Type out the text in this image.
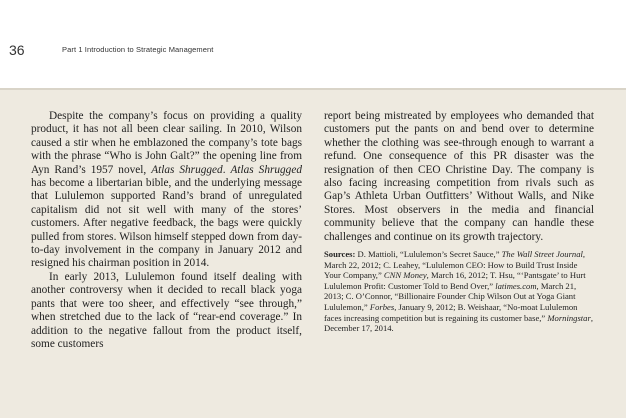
36	Part 1 Introduction to Strategic Management

Despite the company’s focus on providing a quality product, it has not all been clear sailing. In 2010, Wilson caused a stir when he emblazoned the company’s tote bags with the phrase “Who is John Galt?” the opening line from Ayn Rand’s 1957 novel, Atlas Shrugged. Atlas Shrugged has become a libertarian bible, and the underlying message that Lululemon supported Rand’s brand of unregulated capitalism did not sit well with many of the stores’ customers. After negative feedback, the bags were quickly pulled from stores. Wilson himself stepped down from day-to-day involvement in the company in January 2012 and resigned his chairman position in 2014.

In early 2013, Lululemon found itself dealing with another controversy when it decided to recall black yoga pants that were too sheer, and effectively “see through,” when stretched due to the lack of “rear-end coverage.” In addition to the negative fallout from the product itself, some customers

report being mistreated by employees who demanded that customers put the pants on and bend over to determine whether the clothing was see-through enough to warrant a refund. One consequence of this PR disaster was the resignation of then CEO Christine Day. The company is also facing increasing competition from rivals such as Gap’s Athleta Urban Outfitters’ Without Walls, and Nike Stores. Most observers in the media and financial community believe that the company can handle these challenges and continue on its growth trajectory.

Sources: D. Mattioli, “Lululemon’s Secret Sauce,” The Wall Street Journal, March 22, 2012; C. Leahey, “Lululemon CEO: How to Build Trust Inside Your Company,” CNN Money, March 16, 2012; T. Hsu, “‘Pantsgate’ to Hurt Lululemon Profit: Customer Told to Bend Over,” latimes.com, March 21, 2013; C. O’Connor, “Billionaire Founder Chip Wilson Out at Yoga Giant Lululemon,” Forbes, January 9, 2012; B. Weishaar, “No-moat Lululemon faces increasing competition but is regaining its customer base,” Morningstar, December 17, 2014.
